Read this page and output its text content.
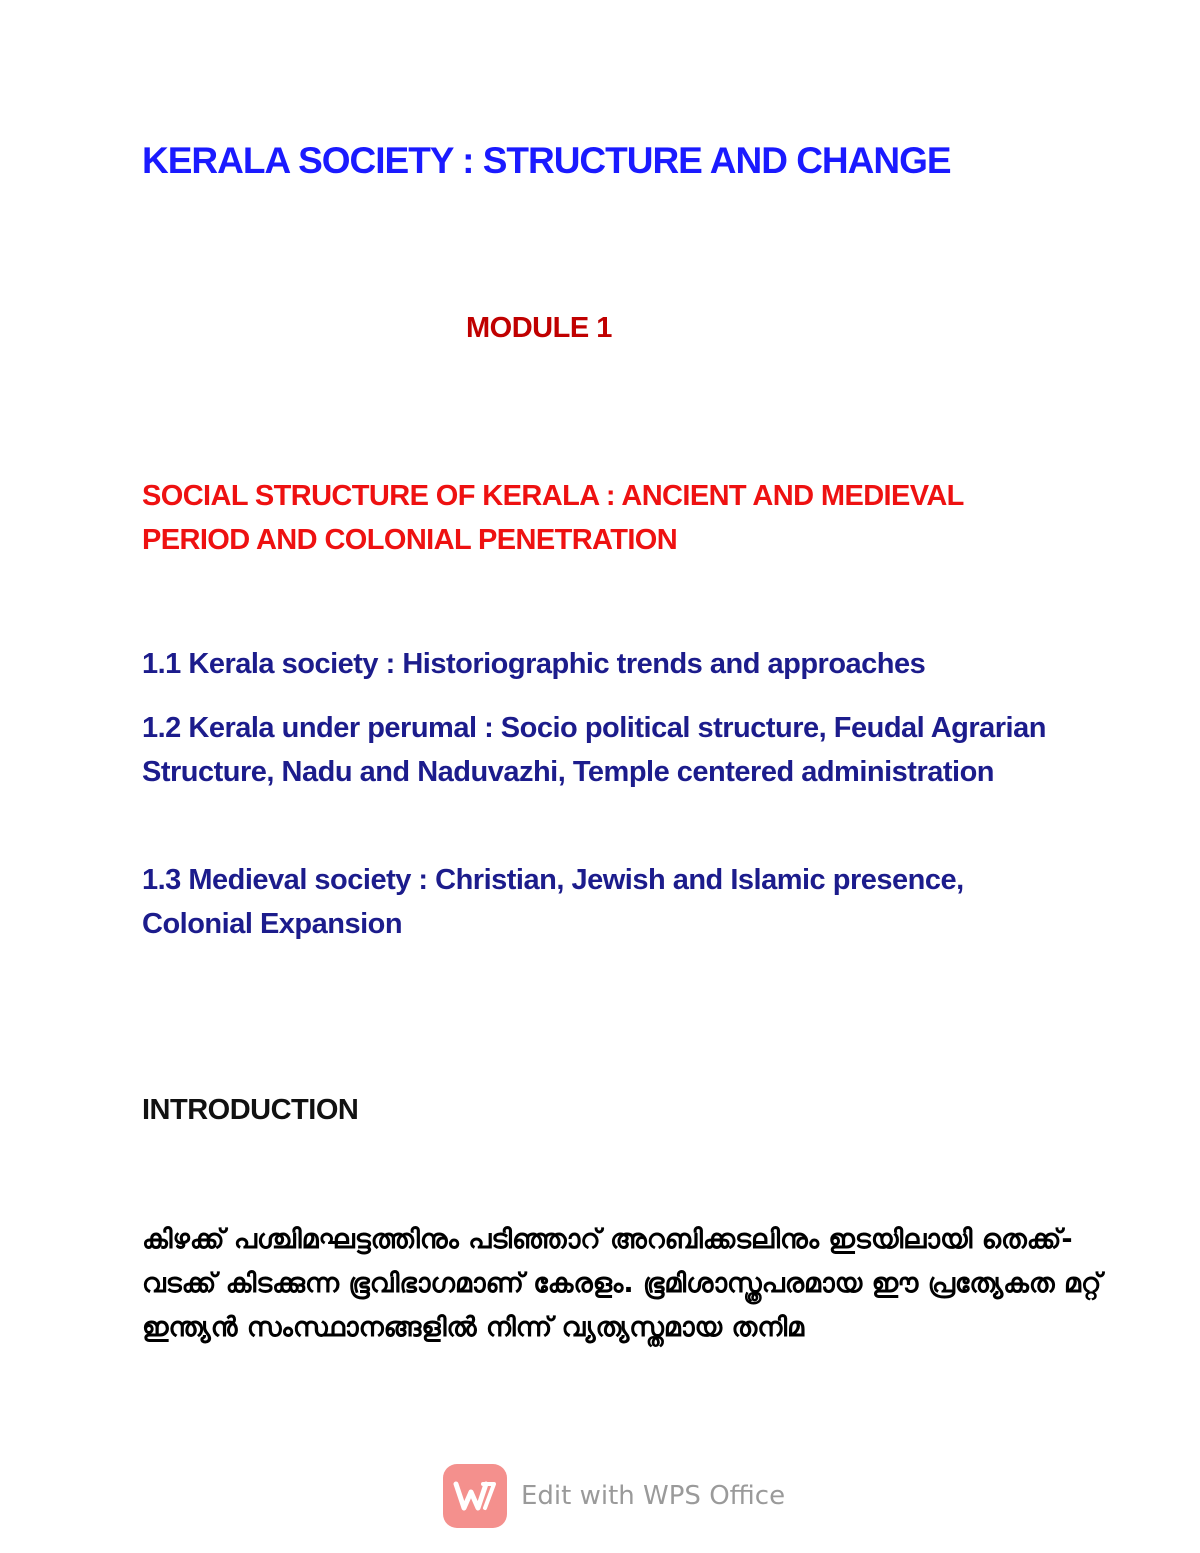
KERALA SOCIETY : STRUCTURE AND CHANGE
MODULE 1
SOCIAL STRUCTURE OF KERALA : ANCIENT AND MEDIEVAL PERIOD AND COLONIAL PENETRATION

1.1 Kerala society : Historiographic trends and approaches

1.2 Kerala under perumal : Socio political structure, Feudal Agrarian Structure, Nadu and Naduvazhi, Temple centered administration

1.3 Medieval society : Christian, Jewish and Islamic presence, Colonial Expansion

INTRODUCTION

കിഴക്ക് പശ്ചിമഘട്ടത്തിനും പടിഞ്ഞാറ് അറബിക്കടലിനും ഇടയിലായി തെക്ക്-വടക്ക് കിടക്കുന്ന ഭൂവിഭാഗമാണ് കേരളം. ഭൂമിശാസ്ത്രപരമായ ഈ പ്രത്യേകത മറ്റ് ഇന്ത്യൻ സംസ്ഥാനങ്ങളിൽ നിന്ന് വ്യത്യസ്തമായ തനിമ

Edit with WPS Office
